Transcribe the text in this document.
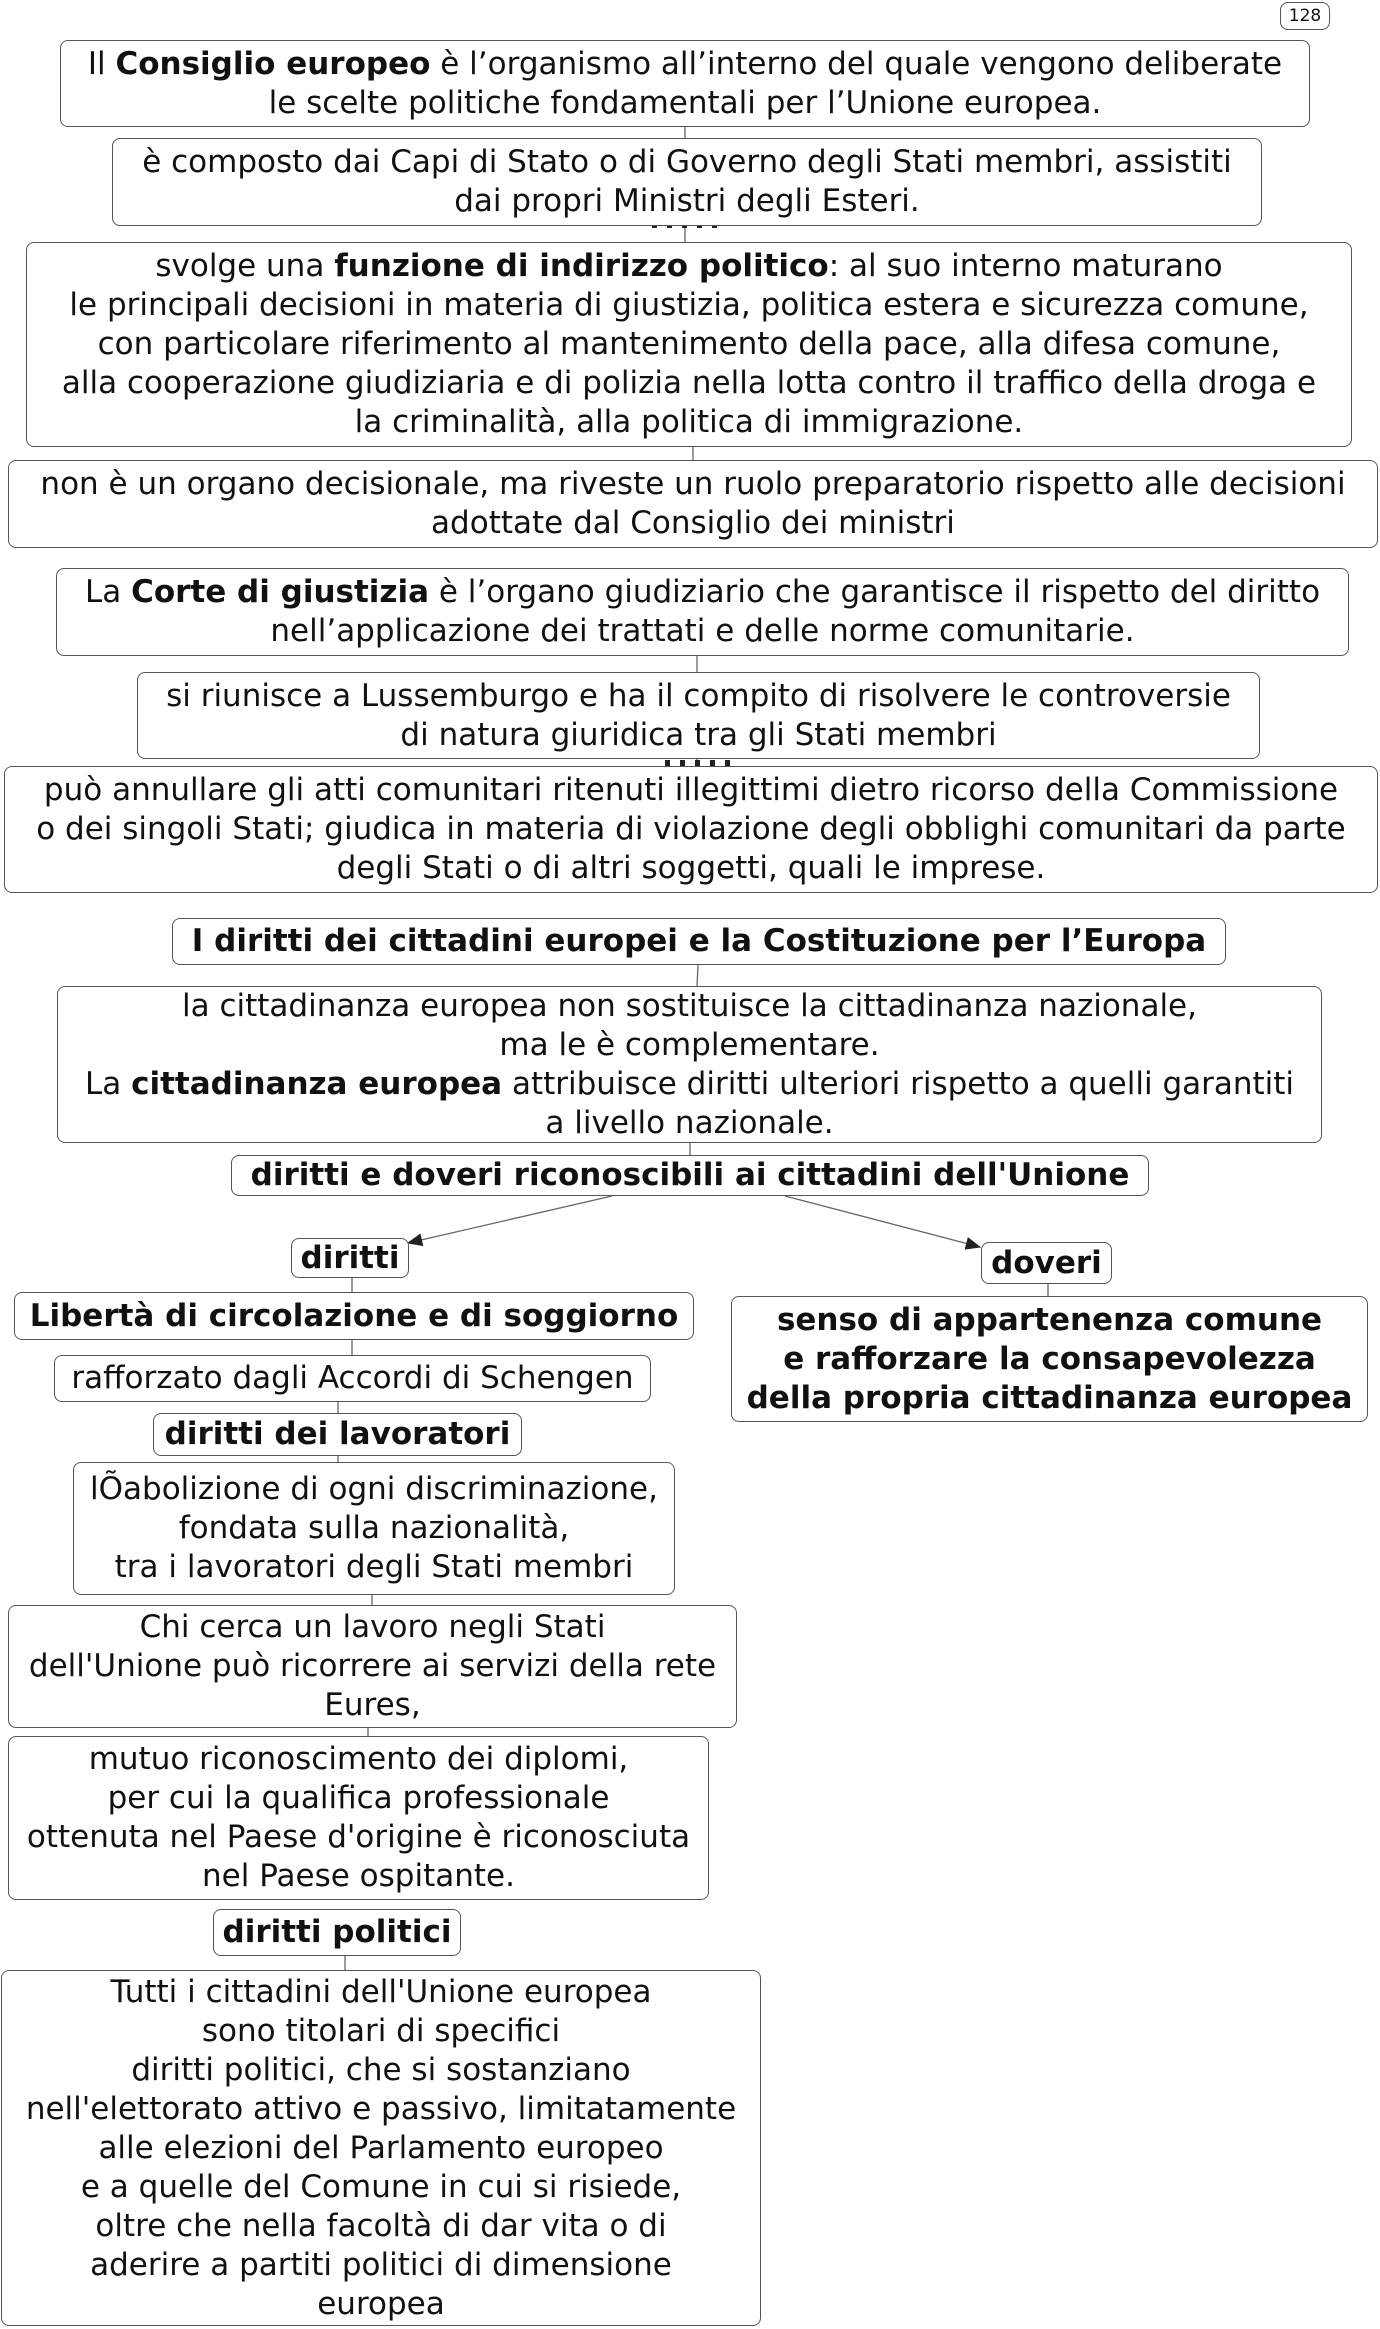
128
Il Consiglio europeo è l’organismo all’interno del quale vengono deliberate
le scelte politiche fondamentali per l’Unione europea.
è composto dai Capi di Stato o di Governo degli Stati membri, assistiti
dai propri Ministri degli Esteri.
svolge una funzione di indirizzo politico: al suo interno maturano
le principali decisioni in materia di giustizia, politica estera e sicurezza comune,
con particolare riferimento al mantenimento della pace, alla difesa comune,
alla cooperazione giudiziaria e di polizia nella lotta contro il traffico della droga e
la criminalità, alla politica di immigrazione.
non è un organo decisionale, ma riveste un ruolo preparatorio rispetto alle decisioni
adottate dal Consiglio dei ministri
La Corte di giustizia è l’organo giudiziario che garantisce il rispetto del diritto
nell’applicazione dei trattati e delle norme comunitarie.
si riunisce a Lussemburgo e ha il compito di risolvere le controversie
di natura giuridica tra gli Stati membri
può annullare gli atti comunitari ritenuti illegittimi dietro ricorso della Commissione
o dei singoli Stati; giudica in materia di violazione degli obblighi comunitari da parte
degli Stati o di altri soggetti, quali le imprese.
I diritti dei cittadini europei e la Costituzione per l’Europa
la cittadinanza europea non sostituisce la cittadinanza nazionale,
ma le è complementare.
La cittadinanza europea attribuisce diritti ulteriori rispetto a quelli garantiti
a livello nazionale.
diritti e doveri riconoscibili ai cittadini dell'Unione
diritti	doveri
senso di appartenenza comune
e rafforzare la consapevolezza
della propria cittadinanza europea
Libertà di circolazione e di soggiorno
rafforzato dagli Accordi di Schengen
diritti dei lavoratori
lÕabolizione di ogni discriminazione,
fondata sulla nazionalità,
tra i lavoratori degli Stati membri
Chi cerca un lavoro negli Stati
dell'Unione può ricorrere ai servizi della rete
Eures,
mutuo riconoscimento dei diplomi,
per cui la qualifica professionale
ottenuta nel Paese d'origine è riconosciuta
nel Paese ospitante.
diritti politici
Tutti i cittadini dell'Unione europea
sono titolari di specifici
diritti politici, che si sostanziano
nell'elettorato attivo e passivo, limitatamente
alle elezioni del Parlamento europeo
e a quelle del Comune in cui si risiede,
oltre che nella facoltà di dar vita o di
aderire a partiti politici di dimensione
europea
